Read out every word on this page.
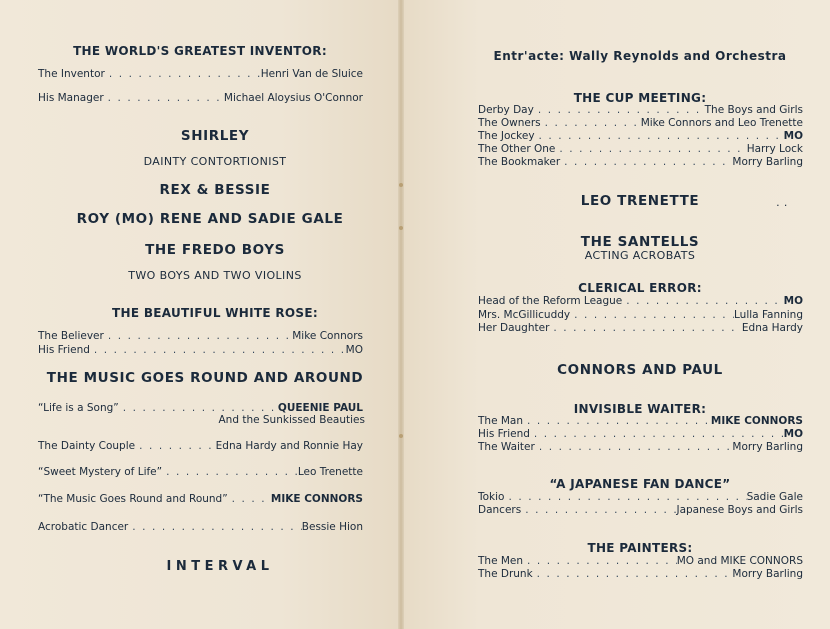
THE WORLD'S GREATEST INVENTOR:
The Inventor . . .	Henri Van de Sluice
His Manager . . .	Michael Aloysius O'Connor
SHIRLEY
DAINTY CONTORTIONIST
REX & BESSIE
ROY (MO) RENE AND SADIE GALE
THE FREDO BOYS
TWO BOYS AND TWO VIOLINS
THE BEAUTIFUL WHITE ROSE:
The Believer . . .	Mike Connors
His Friend . . .	MO
THE MUSIC GOES ROUND AND AROUND
“Life is a Song” . . .	QUEENIE PAUL
And the Sunkissed Beauties
The Dainty Couple . . .	Edna Hardy and Ronnie Hay
“Sweet Mystery of Life” . . .	Leo Trenette
“The Music Goes Round and Round” . . .	MIKE CONNORS
Acrobatic Dancer . . .	Bessie Hion
INTERVAL
Entr'acte: Wally Reynolds and Orchestra
THE CUP MEETING:
Derby Day . . .	The Boys and Girls
The Owners . . .	Mike Connors and Leo Trenette
The Jockey . . .	MO
The Other One . . .	Harry Lock
The Bookmaker . . .	Morry Barling
LEO TRENETTE	. .
THE SANTELLS
ACTING ACROBATS
CLERICAL ERROR:
Head of the Reform League . . .	MO
Mrs. McGillicuddy . . .	Lulla Fanning
Her Daughter . . .	Edna Hardy
CONNORS AND PAUL
INVISIBLE WAITER:
The Man . . .	MIKE CONNORS
His Friend . . .	MO
The Waiter . . .	Morry Barling
“A JAPANESE FAN DANCE”
Tokio . . .	Sadie Gale
Dancers . . .	Japanese Boys and Girls
THE PAINTERS:
The Men . . .	MO and MIKE CONNORS
The Drunk . . .	Morry Barling
